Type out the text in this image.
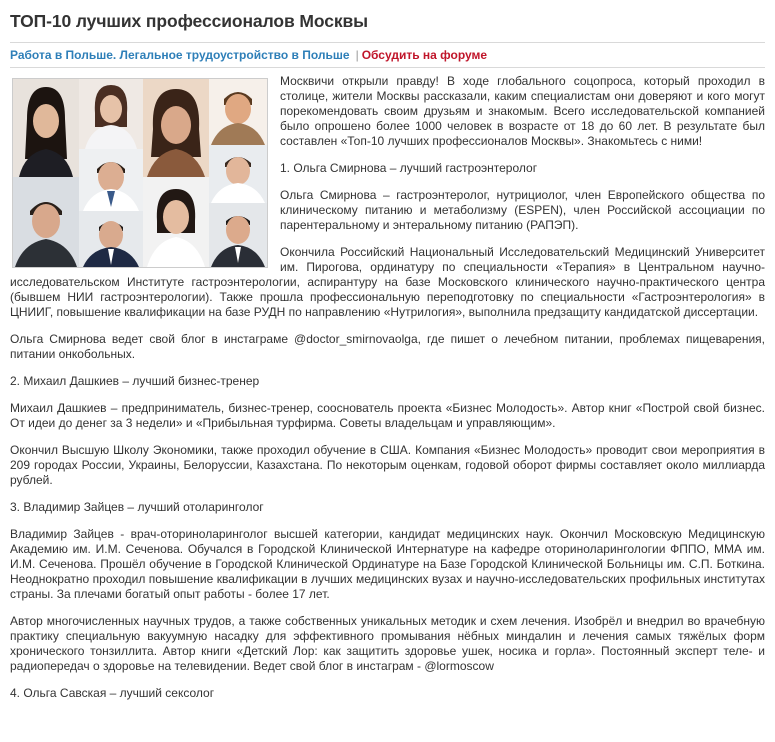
ТОП-10 лучших профессионалов Москвы
Работа в Польше. Легальное трудоустройство в Польше | Обсудить на форуме

Москвичи открыли правду! В ходе глобального соцопроса, который проходил в столице, жители Москвы рассказали, каким специалистам они доверяют и кого могут порекомендовать своим друзьям и знакомым. Всего исследовательской компанией было опрошено более 1000 человек в возрасте от 18 до 60 лет. В результате был составлен «Топ-10 лучших профессионалов Москвы». Знакомьтесь с ними!

1. Ольга Смирнова – лучший гастроэнтеролог

Ольга Смирнова – гастроэнтеролог, нутрициолог, член Европейского общества по клиническому питанию и метаболизму (ESPEN), член Российской ассоциации по парентеральному и энтеральному питанию (РАПЭП).

Окончила Российский Национальный Исследовательский Медицинский Университет им. Пирогова, ординатуру по специальности «Терапия» в Центральном научно-исследовательском Институте гастроэнтерологии, аспирантуру на базе Московского клинического научно-практического центра (бывшем НИИ гастроэнтерологии). Также прошла профессиональную переподготовку по специальности «Гастроэнтерология» в ЦНИИГ, повышение квалификации на базе РУДН по направлению «Нутрилогия», выполнила предзащиту кандидатской диссертации.

Ольга Смирнова ведет свой блог в инстаграме @doctor_smirnovaolga, где пишет о лечебном питании, проблемах пищеварения, питании онкобольных.

2. Михаил Дашкиев – лучший бизнес-тренер

Михаил Дашкиев – предприниматель, бизнес-тренер, сооснователь проекта «Бизнес Молодость». Автор книг «Построй свой бизнес. От идеи до денег за 3 недели» и «Прибыльная турфирма. Советы владельцам и управляющим».

Окончил Высшую Школу Экономики, также проходил обучение в США. Компания «Бизнес Молодость» проводит свои мероприятия в 209 городах России, Украины, Белоруссии, Казахстана. По некоторым оценкам, годовой оборот фирмы составляет около миллиарда рублей.

3. Владимир Зайцев – лучший отоларинголог

Владимир Зайцев - врач-оториноларинголог высшей категории, кандидат медицинских наук. Окончил Московскую Медицинскую Академию им. И.М. Сеченова. Обучался в Городской Клинической Интернатуре на кафедре оториноларингологии ФППО, ММА им. И.М. Сеченова. Прошёл обучение в Городской Клинической Ординатуре на Базе Городской Клинической Больницы им. С.П. Боткина. Неоднократно проходил повышение квалификации в лучших медицинских вузах и научно-исследовательских профильных институтах страны. За плечами богатый опыт работы - более 17 лет.

Автор многочисленных научных трудов, а также собственных уникальных методик и схем лечения. Изобрёл и внедрил во врачебную практику специальную вакуумную насадку для эффективного промывания нёбных миндалин и лечения самых тяжёлых форм хронического тонзиллита. Автор книги «Детский Лор: как защитить здоровье ушек, носика и горла». Постоянный эксперт теле- и радиопередач о здоровье на телевидении. Ведет свой блог в инстаграм - @lormoscow

4. Ольга Савская – лучший сексолог
